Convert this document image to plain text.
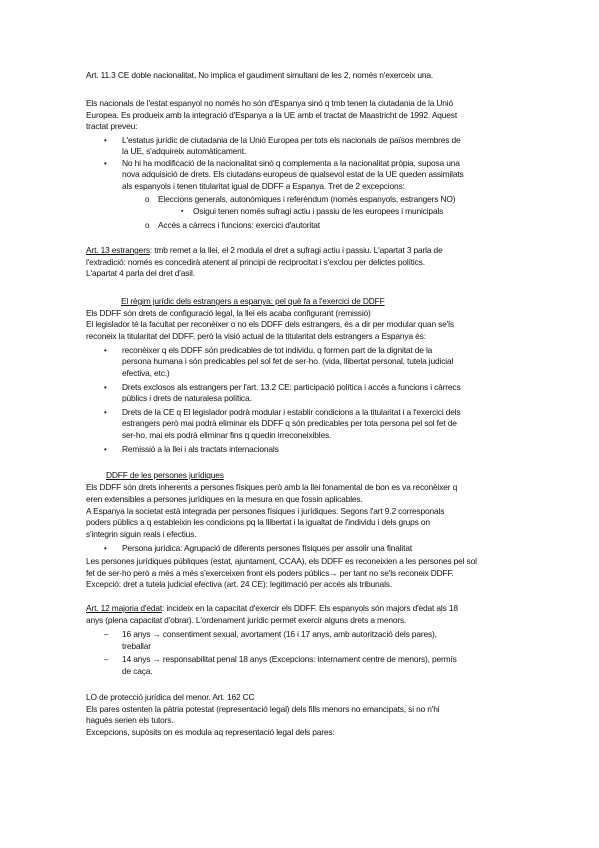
Art. 11.3 CE doble nacionalitat, No implica el gaudiment simultani de les 2, només n'exerceix una.
Els nacionals de l'estat espanyol no només ho són d'Espanya sinó q tmb tenen la ciutadania de la Unió
Europea. Es produeix amb la integració d'Espanya a la UE amb el tractat de Maastricht de 1992. Aquest
tractat preveu:
• L'estatus jurídic de ciutadania de la Unió Europea per tots els nacionals de països membres de
la UE, s'adquireix automàticament.
• No hi ha modificació de la nacionalitat sinó q complementa a la nacionalitat pròpia, suposa una
nova adquisició de drets. Els ciutadans europeus de qualsevol estat de la UE queden assimilats
als espanyols i tenen titularitat igual de DDFF a Espanya. Tret de 2 excepcions:
o Eleccions generals, autonòmiques i referèndum (només espanyols, estrangers NO)
▪ Osigui tenen només sufragi actiu i passiu de les europees i municipals
o Accés a càrrecs i funcions: exercici d'autoritat
Art. 13 estrangers: tmb remet a la llei, el 2 modula el dret a sufragi actiu i passiu. L'apartat 3 parla de
l'extradició: només es concedirà atenent al principi de reciprocitat i s'exclou per delictes polítics.
L'apartat 4 parla del dret d'asil.
El règim jurídic dels estrangers a espanya: pel què fa a l'exercici de DDFF
Els DDFF són drets de configuració legal, la llei els acaba configurant (remissió)
El legislador té la facultat per reconèixer o no els DDFF dels estrangers, és a dir per modular quan se'ls
reconeix la titularitat del DDFF, però la visió actual de la titularitat dels estrangers a Espanya és:
• reconèixer q els DDFF són predicables de tot individu, q formen part de la dignitat de la
persona humana i són predicables pel sol fet de ser-ho. (vida, llibertat personal, tutela judicial
efectiva, etc.)
• Drets exclosos als estrangers per l'art. 13.2 CE: participació política i accés a funcions i càrrecs
públics i drets de naturalesa política.
• Drets de la CE q El legislador podrà modular i establir condicions a la titularitat i a l'exercici dels
estrangers però mai podrà eliminar els DDFF q són predicables per tota persona pel sol fet de
ser-ho, mai els podrà eliminar fins q quedin irreconeixibles.
• Remissió a la llei i als tractats internacionals
DDFF de les persones jurídiques
Els DDFF són drets inherents a persones físiques però amb la llei fonamental de bon es va reconèixer q
eren extensibles a persones jurídiques en la mesura en que fossin aplicables.
A Espanya la societat està integrada per persones físiques i jurídiques. Segons l'art 9.2 corresponals
poders públics a q estableixin les condicions pq la llibertat i la igualtat de l'individu i dels grups on
s'integrin siguin reals i efectius.
• Persona jurídica: Agrupació de diferents persones físiques per assolir una finalitat
Les persones jurídiques públiques (estat, ajuntament, CCAA), els DDFF es reconeixien a les persones pel sol
fet de ser-ho però a més a més s'exerceixen front els poders públics→ per tant no se'ls reconeix DDFF.
Excepció: dret a tutela judicial efectiva (art. 24 CE): legitimació per accés als tribunals.
Art. 12 majoria d'edat: incideix en la capacitat d'exercir els DDFF. Els espanyols són majors d'edat als 18
anys (plena capacitat d'obrar). L'ordenament jurídic permet exercir alguns drets a menors.
– 16 anys → consentiment sexual, avortament (16 i 17 anys, amb autorització dels pares),
treballar
– 14 anys → responsabilitat penal 18 anys (Excepcions: internament centre de menors), permís
de caça.
LO de protecció jurídica del menor. Art. 162 CC
Els pares ostenten la pàtria potestat (representació legal) dels fills menors no emancipats, si no n'hi
hagués serien els tutors.
Excepcions, supòsits on es modula aq representació legal dels pares:
